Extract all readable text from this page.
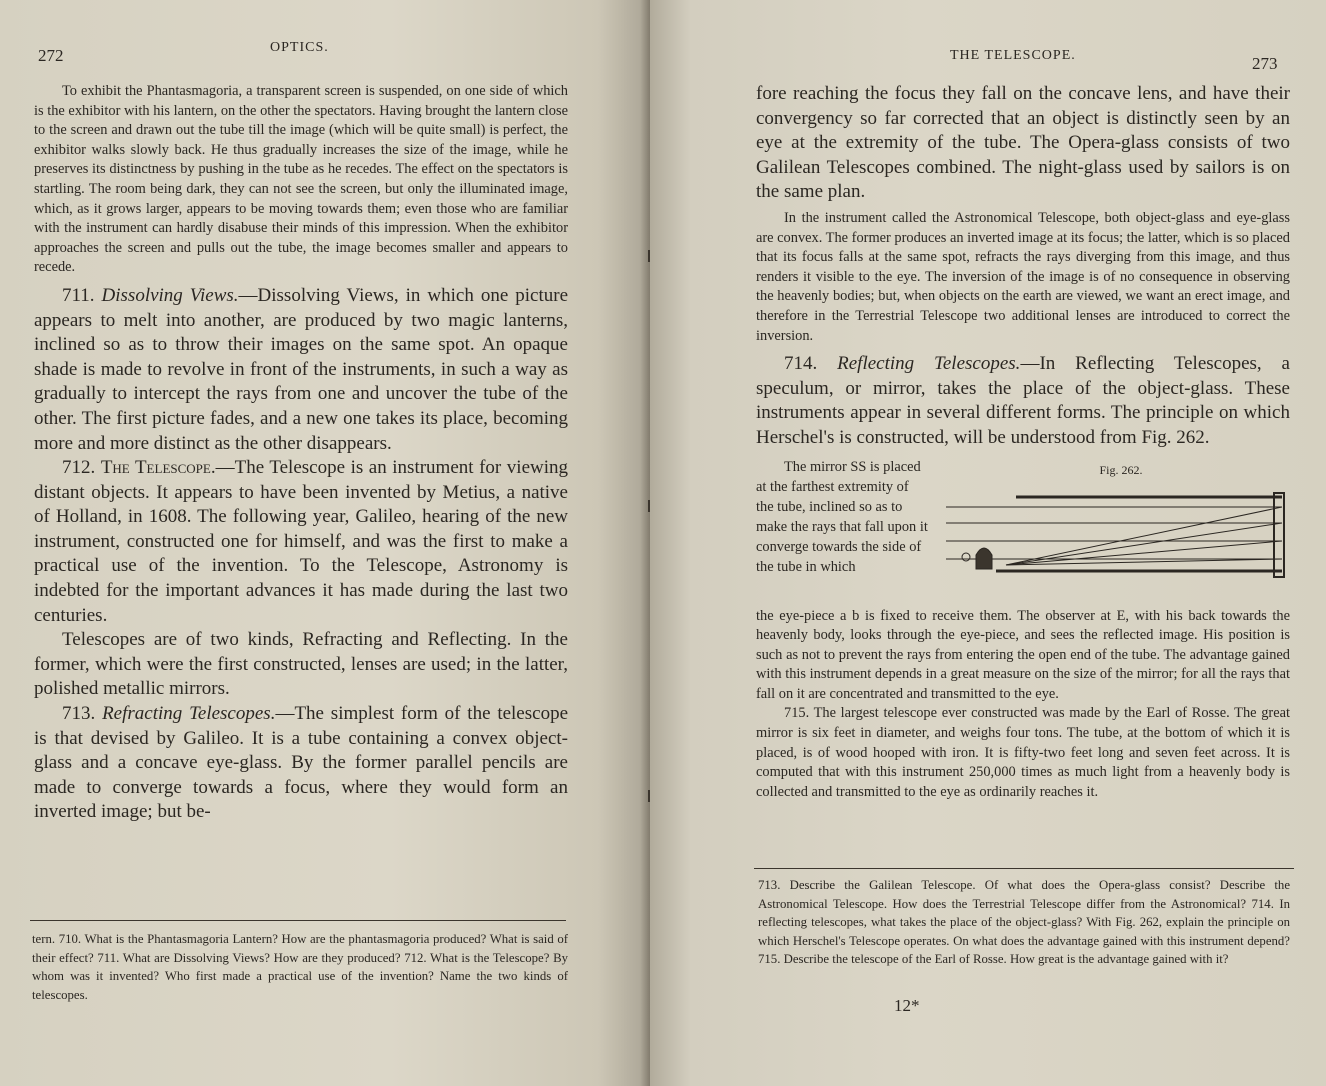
272	OPTICS.

To exhibit the Phantasmagoria, a transparent screen is suspended, on one side of which is the exhibitor with his lantern, on the other the spectators. Having brought the lantern close to the screen and drawn out the tube till the image (which will be quite small) is perfect, the exhibitor walks slowly back. He thus gradually increases the size of the image, while he preserves its distinctness by pushing in the tube as he recedes. The effect on the spectators is startling. The room being dark, they can not see the screen, but only the illuminated image, which, as it grows larger, appears to be moving towards them; even those who are familiar with the instrument can hardly disabuse their minds of this impression. When the exhibitor approaches the screen and pulls out the tube, the image becomes smaller and appears to recede.

711. Dissolving Views.—Dissolving Views, in which one picture appears to melt into another, are produced by two magic lanterns, inclined so as to throw their images on the same spot. An opaque shade is made to revolve in front of the instruments, in such a way as gradually to intercept the rays from one and uncover the tube of the other. The first picture fades, and a new one takes its place, becoming more and more distinct as the other disappears.

712. The Telescope.—The Telescope is an instrument for viewing distant objects. It appears to have been invented by Metius, a native of Holland, in 1608. The following year, Galileo, hearing of the new instrument, constructed one for himself, and was the first to make a practical use of the invention. To the Telescope, Astronomy is indebted for the important advances it has made during the last two centuries.

Telescopes are of two kinds, Refracting and Reflecting. In the former, which were the first constructed, lenses are used; in the latter, polished metallic mirrors.

713. Refracting Telescopes.—The simplest form of the telescope is that devised by Galileo. It is a tube containing a convex object-glass and a concave eye-glass. By the former parallel pencils are made to converge towards a focus, where they would form an inverted image; but be-

tern. 710. What is the Phantasmagoria Lantern? How are the phantasmagoria produced? What is said of their effect? 711. What are Dissolving Views? How are they produced? 712. What is the Telescope? By whom was it invented? Who first made a practical use of the invention? Name the two kinds of telescopes.

THE TELESCOPE.	273

fore reaching the focus they fall on the concave lens, and have their convergency so far corrected that an object is distinctly seen by an eye at the extremity of the tube. The Opera-glass consists of two Galilean Telescopes combined. The night-glass used by sailors is on the same plan.

In the instrument called the Astronomical Telescope, both object-glass and eye-glass are convex. The former produces an inverted image at its focus; the latter, which is so placed that its focus falls at the same spot, refracts the rays diverging from this image, and thus renders it visible to the eye. The inversion of the image is of no consequence in observing the heavenly bodies; but, when objects on the earth are viewed, we want an erect image, and therefore in the Terrestrial Telescope two additional lenses are introduced to correct the inversion.

714. Reflecting Telescopes.—In Reflecting Telescopes, a speculum, or mirror, takes the place of the object-glass. These instruments appear in several different forms. The principle on which Herschel's is constructed, will be understood from Fig. 262.

The mirror SS is placed at the farthest extremity of the tube, inclined so as to make the rays that fall upon it converge towards the side of the tube in which

Fig. 262.

the eye-piece a b is fixed to receive them. The observer at E, with his back towards the heavenly body, looks through the eye-piece, and sees the reflected image. His position is such as not to prevent the rays from entering the open end of the tube. The advantage gained with this instrument depends in a great measure on the size of the mirror; for all the rays that fall on it are concentrated and transmitted to the eye.

715. The largest telescope ever constructed was made by the Earl of Rosse. The great mirror is six feet in diameter, and weighs four tons. The tube, at the bottom of which it is placed, is of wood hooped with iron. It is fifty-two feet long and seven feet across. It is computed that with this instrument 250,000 times as much light from a heavenly body is collected and transmitted to the eye as ordinarily reaches it.

713. Describe the Galilean Telescope. Of what does the Opera-glass consist? Describe the Astronomical Telescope. How does the Terrestrial Telescope differ from the Astronomical? 714. In reflecting telescopes, what takes the place of the object-glass? With Fig. 262, explain the principle on which Herschel's Telescope operates. On what does the advantage gained with this instrument depend? 715. Describe the telescope of the Earl of Rosse. How great is the advantage gained with it?

12*
